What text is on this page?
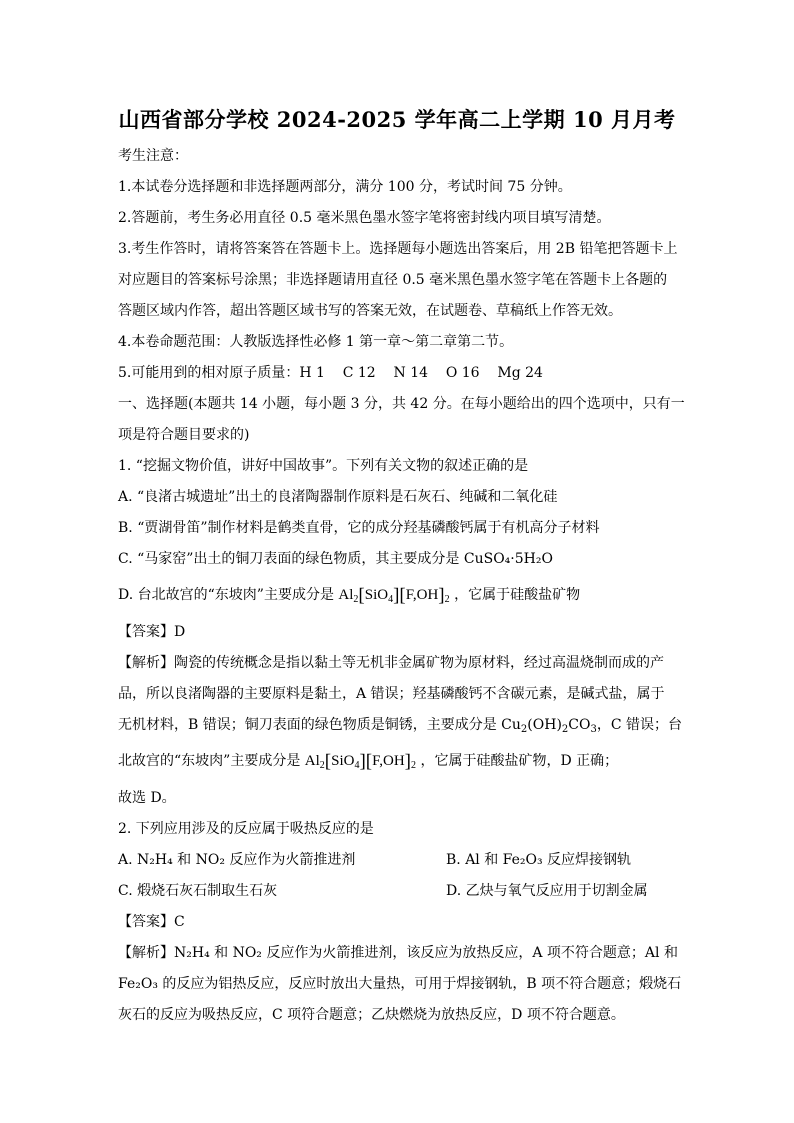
山西省部分学校 2024-2025 学年高二上学期 10 月月考
考生注意：
1.本试卷分选择题和非选择题两部分，满分 100 分，考试时间 75 分钟。
2.答题前，考生务必用直径 0.5 毫米黑色墨水签字笔将密封线内项目填写清楚。
3.考生作答时，请将答案答在答题卡上。选择题每小题选出答案后，用 2B 铅笔把答题卡上
对应题目的答案标号涂黑；非选择题请用直径 0.5 毫米黑色墨水签字笔在答题卡上各题的
答题区域内作答，超出答题区域书写的答案无效，在试题卷、草稿纸上作答无效。
4.本卷命题范围：人教版选择性必修 1 第一章～第二章第二节。
5.可能用到的相对原子质量：H 1    C 12    N 14    O 16    Mg 24
一、选择题(本题共 14 小题，每小题 3 分，共 42 分。在每小题给出的四个选项中，只有一
项是符合题目要求的)
1. “挖掘文物价值，讲好中国故事”。下列有关文物的叙述正确的是
A. “良渚古城遗址”出土的良渚陶器制作原料是石灰石、纯碱和二氧化硅
B. “贾湖骨笛”制作材料是鹤类直骨，它的成分羟基磷酸钙属于有机高分子材料
C. “马家窑”出土的铜刀表面的绿色物质，其主要成分是 CuSO₄·5H₂O
D. 台北故宫的“东坡肉”主要成分是 $Al_2[SiO_4][F,OH]_2$ ，它属于硅酸盐矿物
【答案】D
【解析】陶瓷的传统概念是指以黏土等无机非金属矿物为原材料，经过高温烧制而成的产
品，所以良渚陶器的主要原料是黏土，A 错误；羟基磷酸钙不含碳元素，是碱式盐，属于
无机材料，B 错误；铜刀表面的绿色物质是铜锈，主要成分是 $Cu_2(OH)_2CO_3$，C 错误；台
北故宫的“东坡肉”主要成分是 $Al_2[SiO_4][F,OH]_2$ ，它属于硅酸盐矿物，D 正确；
故选 D。
2. 下列应用涉及的反应属于吸热反应的是
A. N₂H₄ 和 NO₂ 反应作为火箭推进剂	B. Al 和 Fe₂O₃ 反应焊接钢轨
C. 煅烧石灰石制取生石灰	D. 乙炔与氧气反应用于切割金属
【答案】C
【解析】N₂H₄ 和 NO₂ 反应作为火箭推进剂，该反应为放热反应，A 项不符合题意；Al 和
Fe₂O₃ 的反应为铝热反应，反应时放出大量热，可用于焊接钢轨，B 项不符合题意；煅烧石
灰石的反应为吸热反应，C 项符合题意；乙炔燃烧为放热反应，D 项不符合题意。
